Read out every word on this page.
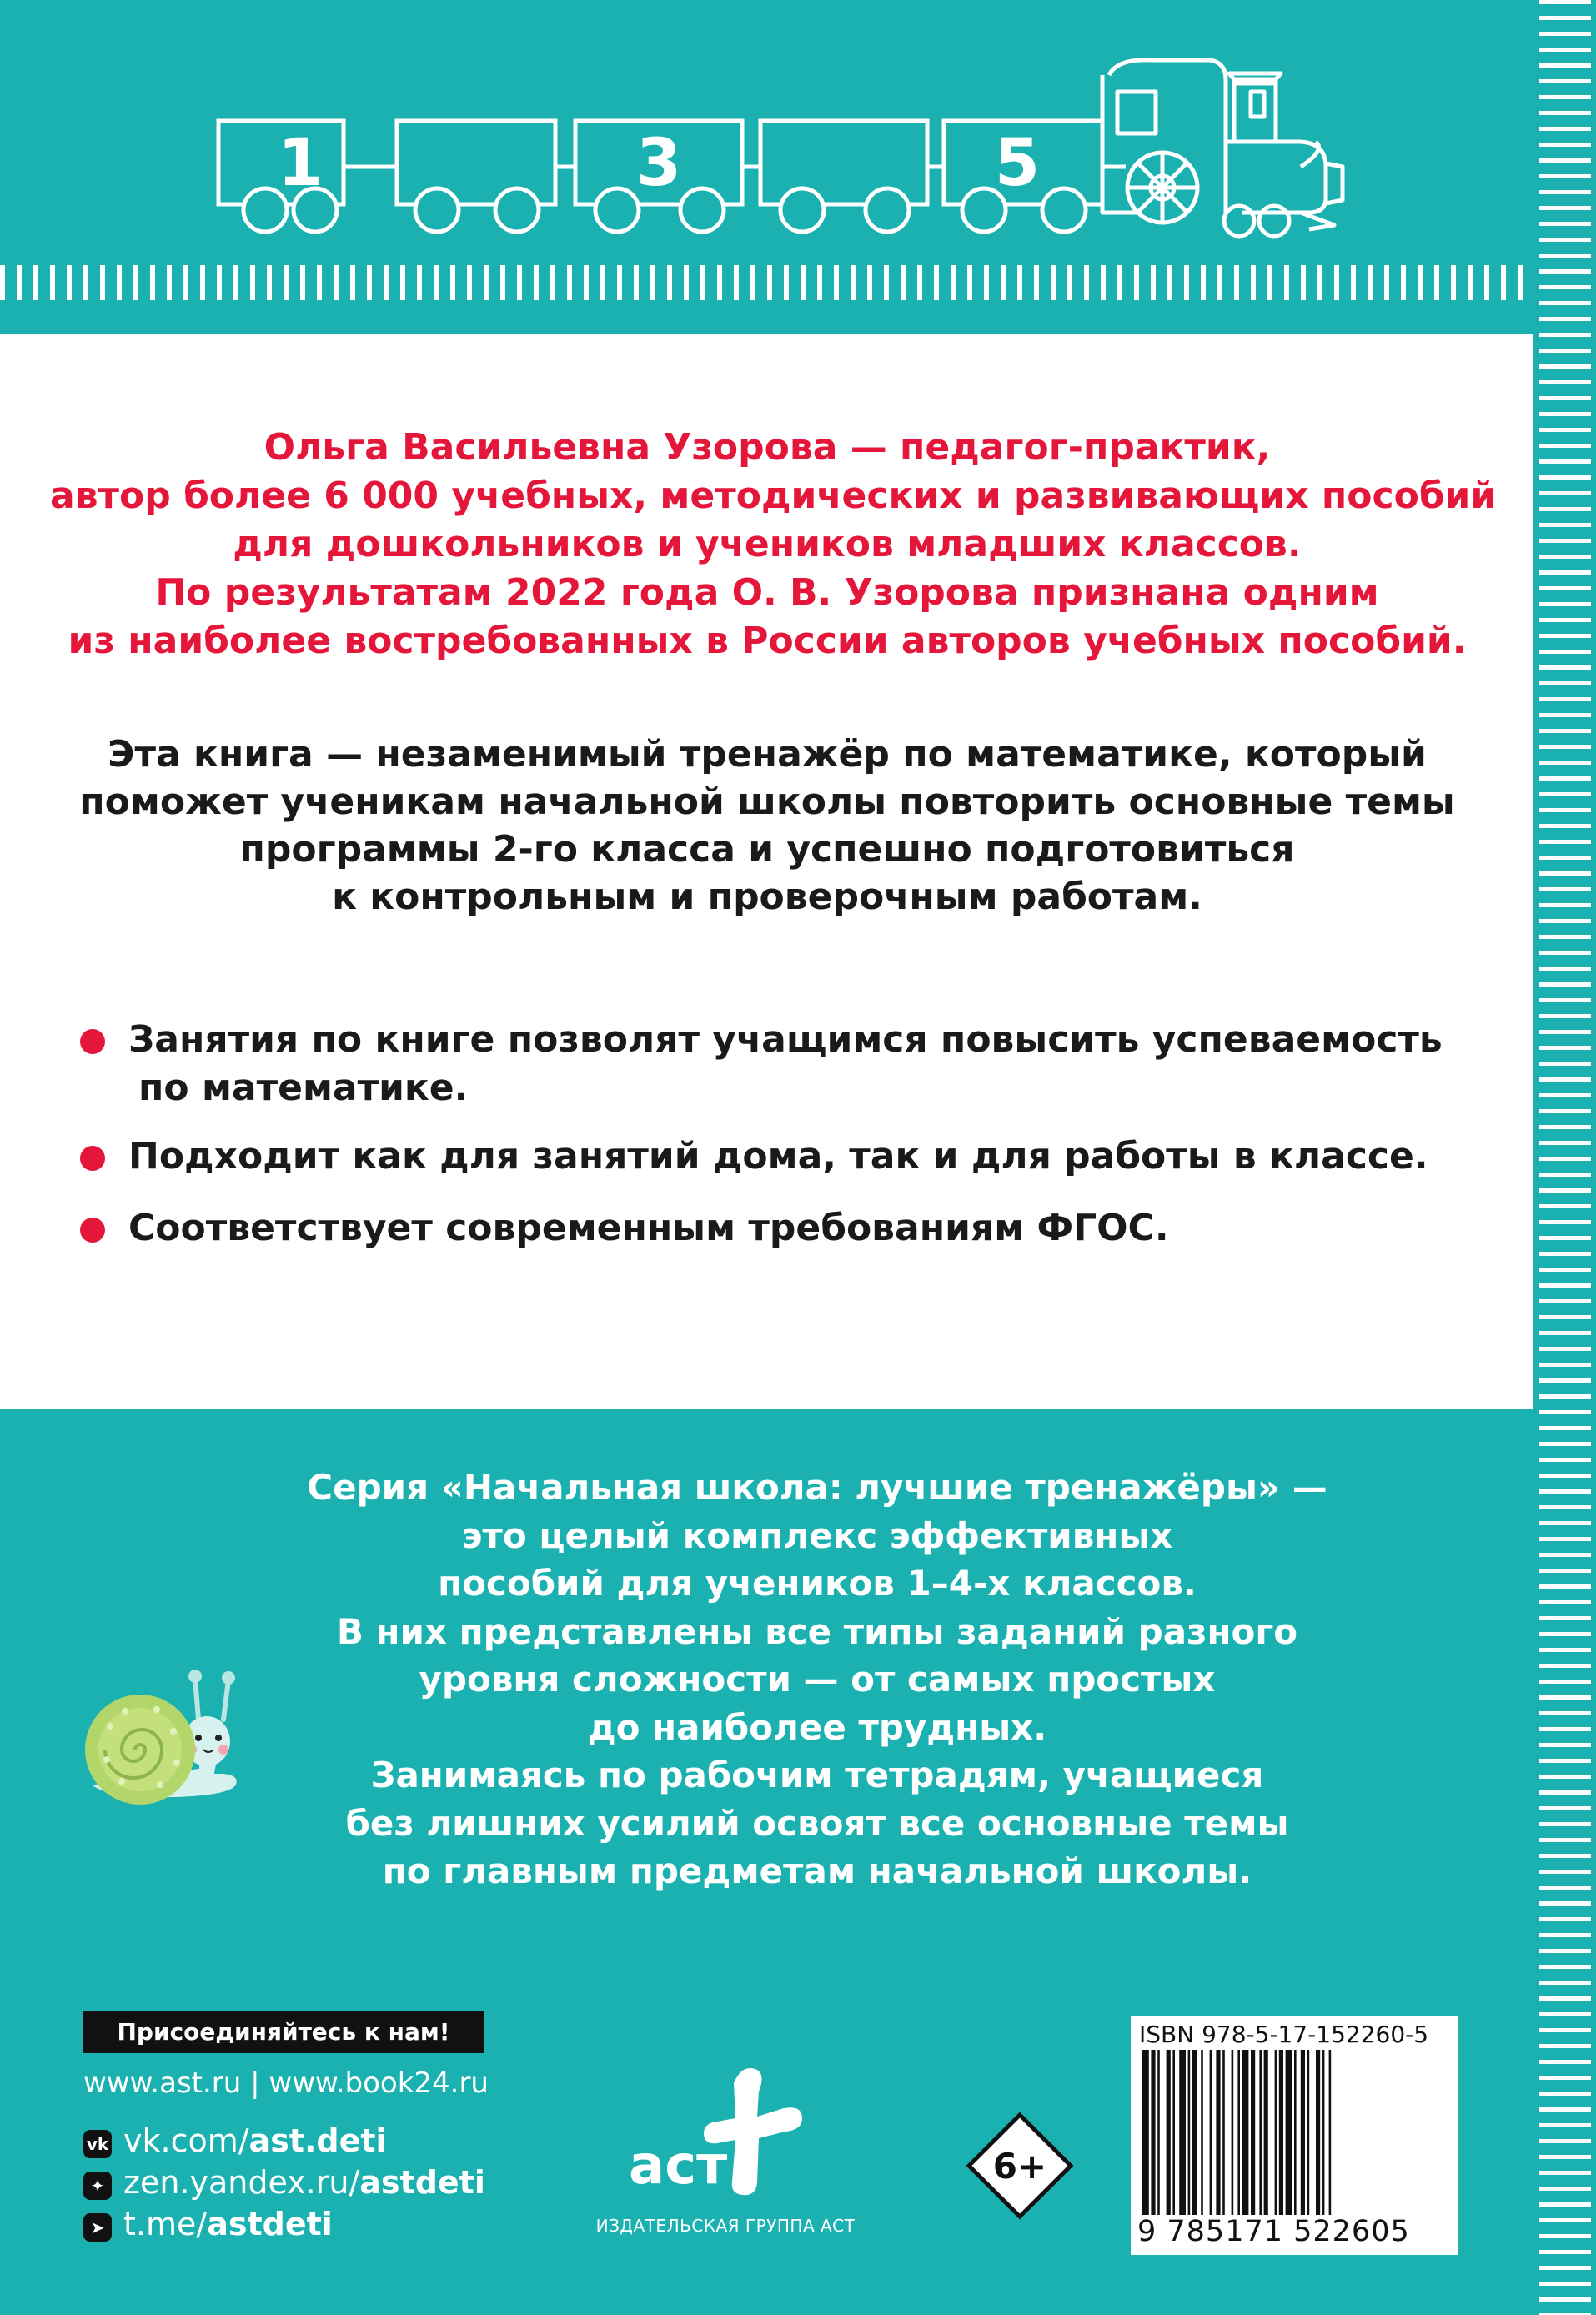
1	3	5
Ольга Васильевна Узорова — педагог-практик,
автор более 6 000 учебных, методических и развивающих пособий
для дошкольников и учеников младших классов.
По результатам 2022 года О. В. Узорова признана одним
из наиболее востребованных в России авторов учебных пособий.
Эта книга — незаменимый тренажёр по математике, который
поможет ученикам начальной школы повторить основные темы
программы 2-го класса и успешно подготовиться
к контрольным и проверочным работам.
Занятия по книге позволят учащимся повысить успеваемость
по математике.
Подходит как для занятий дома, так и для работы в классе.
Соответствует современным требованиям ФГОС.
Серия «Начальная школа: лучшие тренажёры» —
это целый комплекс эффективных
пособий для учеников 1–4-х классов.
В них представлены все типы заданий разного
уровня сложности — от самых простых
до наиболее трудных.
Занимаясь по рабочим тетрадям, учащиеся
без лишних усилий освоят все основные темы
по главным предметам начальной школы.
Присоединяйтесь к нам!
www.ast.ru | www.book24.ru
vk vk.com/ast.deti
✦ zen.yandex.ru/astdeti
➤ t.me/astdeti
аст
ИЗДАТЕЛЬСКАЯ ГРУППА АСТ
6+
ISBN 978-5-17-152260-5
9 785171 522605
